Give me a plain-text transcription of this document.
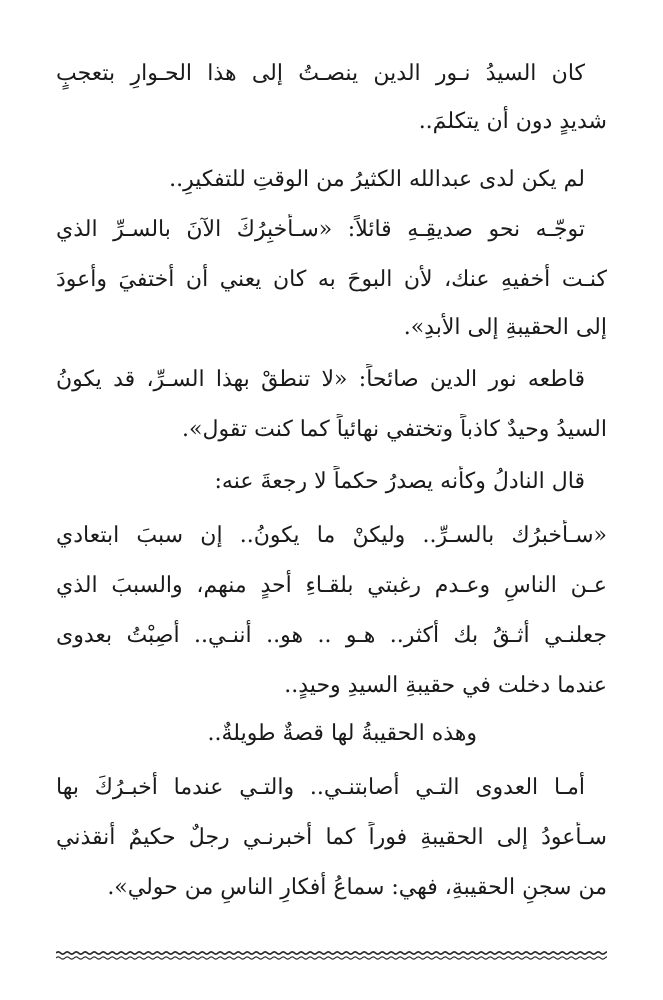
كان السيدُ نـور الدين ينصـتُ إلى هذا الحـوارِ بتعجبٍ
شديدٍ دون أن يتكلمَ..
لم يكن لدى عبدالله الكثيرُ من الوقتِ للتفكيرِ..
توجّـه نحو صديقِـهِ قائلاً: «سـأخبِرُكَ الآنَ بالسـرِّ الذي
كنـت أخفيهِ عنك، لأن البوحَ به كان يعني أن أختفيَ وأعودَ
إلى الحقيبةِ إلى الأبدِ».
قاطعه نور الدين صائحاً: «لا تنطقْ بهذا السـرِّ، قد يكونُ
السيدُ وحيدٌ كاذباً وتختفي نهائياً كما كنت تقول».
قال النادلُ وكأنه يصدرُ حكماً لا رجعةَ عنه:
«سـأخبرُك بالسـرِّ.. وليكنْ ما يكونُ.. إن سببَ ابتعادي
عـن الناسِ وعـدم رغبتي بلقـاءِ أحدٍ منهم، والسببَ الذي
جعلنـي أثـقُ بك أكثر.. هـو .. هو.. أننـي.. أصِبْتُ بعدوى
عندما دخلت في حقيبةِ السيدِ وحيدٍ..
وهذه الحقيبةُ لها قصةٌ طويلةٌ..
أمـا العدوى التـي أصابتنـي.. والتـي عندما أخبـرُكَ بها
سـأعودُ إلى الحقيبةِ فوراً كما أخبرنـي رجلٌ حكيمٌ أنقذني
من سجنِ الحقيبةِ، فهي: سماعُ أفكارِ الناسِ من حولي».
